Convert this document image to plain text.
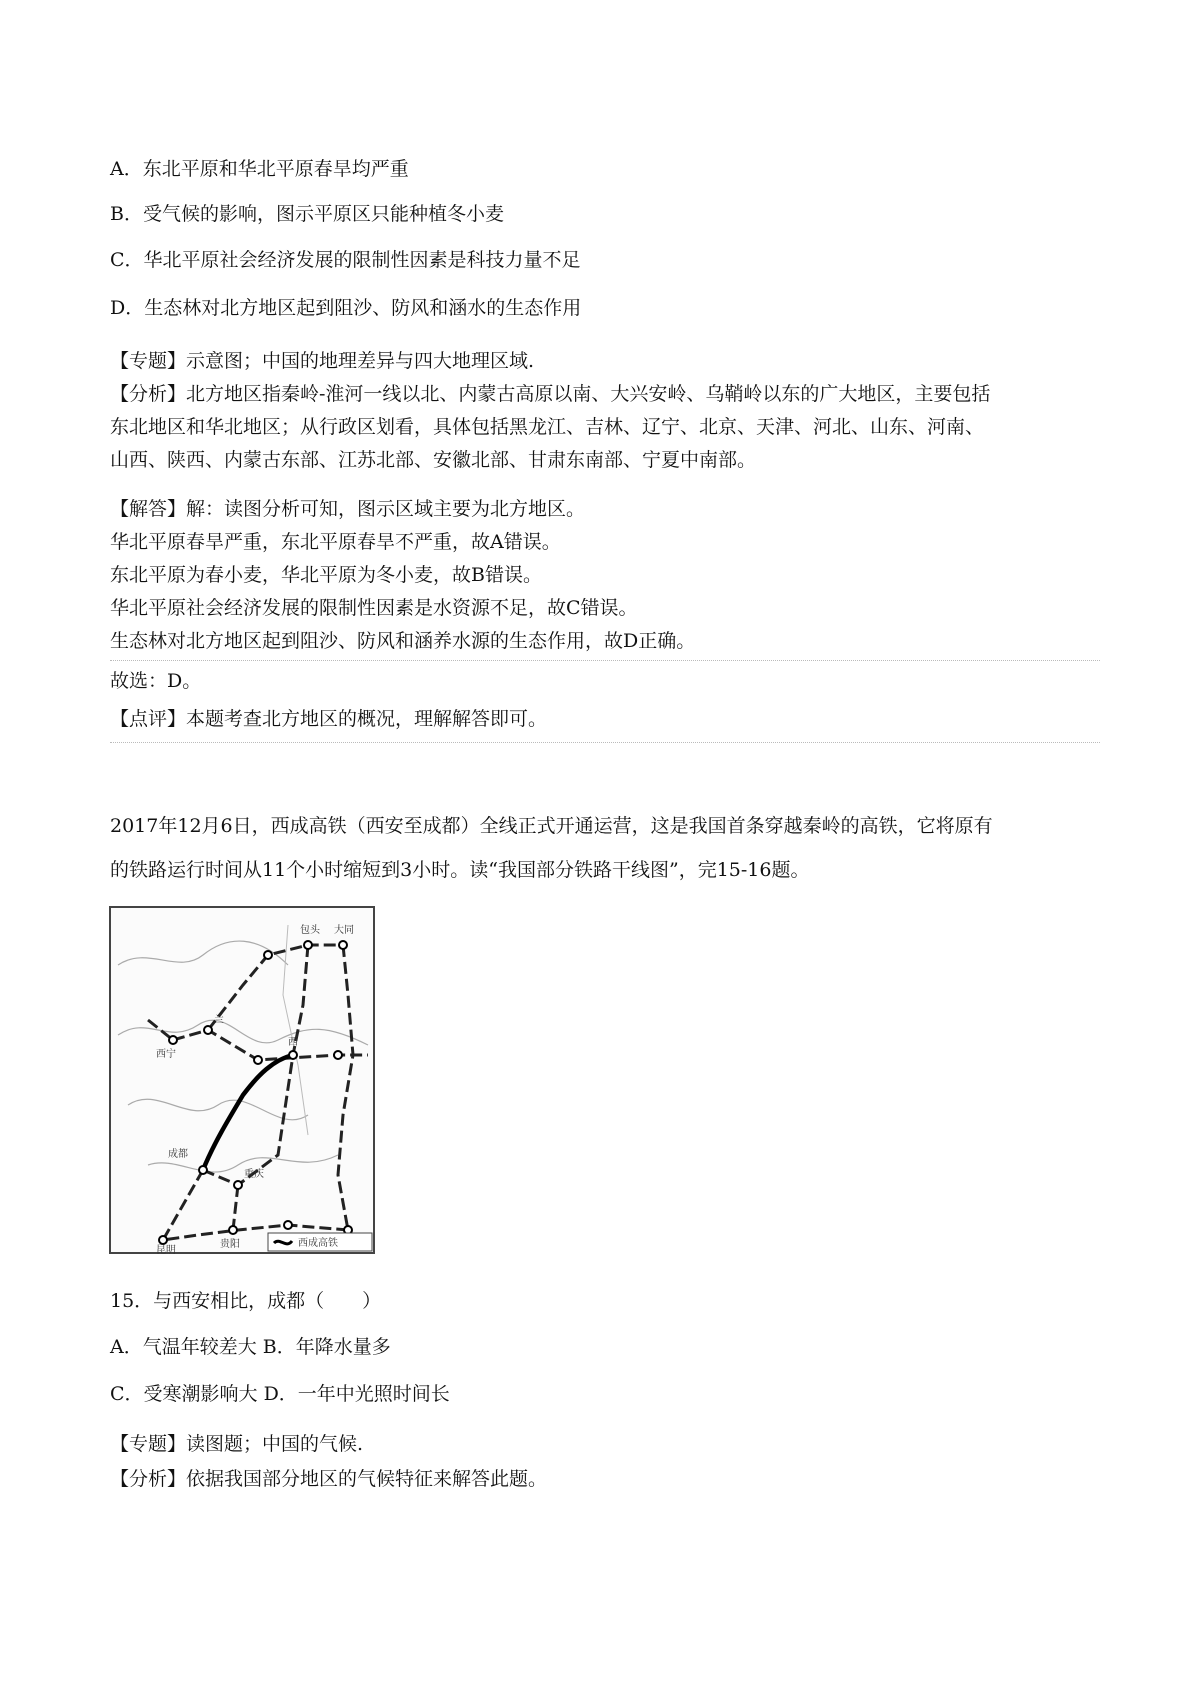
A．东北平原和华北平原春旱均严重
B．受气候的影响，图示平原区只能种植冬小麦
C．华北平原社会经济发展的限制性因素是科技力量不足
D．生态林对北方地区起到阻沙、防风和涵水的生态作用
【专题】示意图；中国的地理差异与四大地理区域.
【分析】北方地区指秦岭-淮河一线以北、内蒙古高原以南、大兴安岭、乌鞘岭以东的广大地区，主要包括
东北地区和华北地区；从行政区划看，具体包括黑龙江、吉林、辽宁、北京、天津、河北、山东、河南、
山西、陕西、内蒙古东部、江苏北部、安徽北部、甘肃东南部、宁夏中南部。
【解答】解：读图分析可知，图示区域主要为北方地区。
华北平原春旱严重，东北平原春旱不严重，故A错误。
东北平原为春小麦，华北平原为冬小麦，故B错误。
华北平原社会经济发展的限制性因素是水资源不足，故C错误。
生态林对北方地区起到阻沙、防风和涵养水源的生态作用，故D正确。
故选：D。
【点评】本题考查北方地区的概况，理解解答即可。
2017年12月6日，西成高铁（西安至成都）全线正式开通运营，这是我国首条穿越秦岭的高铁，它将原有
的铁路运行时间从11个小时缩短到3小时。读“我国部分铁路干线图”，完15-16题。
包头 大同
西宁
兰
西
成都
重庆
贵阳
昆明
西成高铁
15．与西安相比，成都（　　）
A．气温年较差大 B．年降水量多
C．受寒潮影响大 D．一年中光照时间长
【专题】读图题；中国的气候.
【分析】依据我国部分地区的气候特征来解答此题。
